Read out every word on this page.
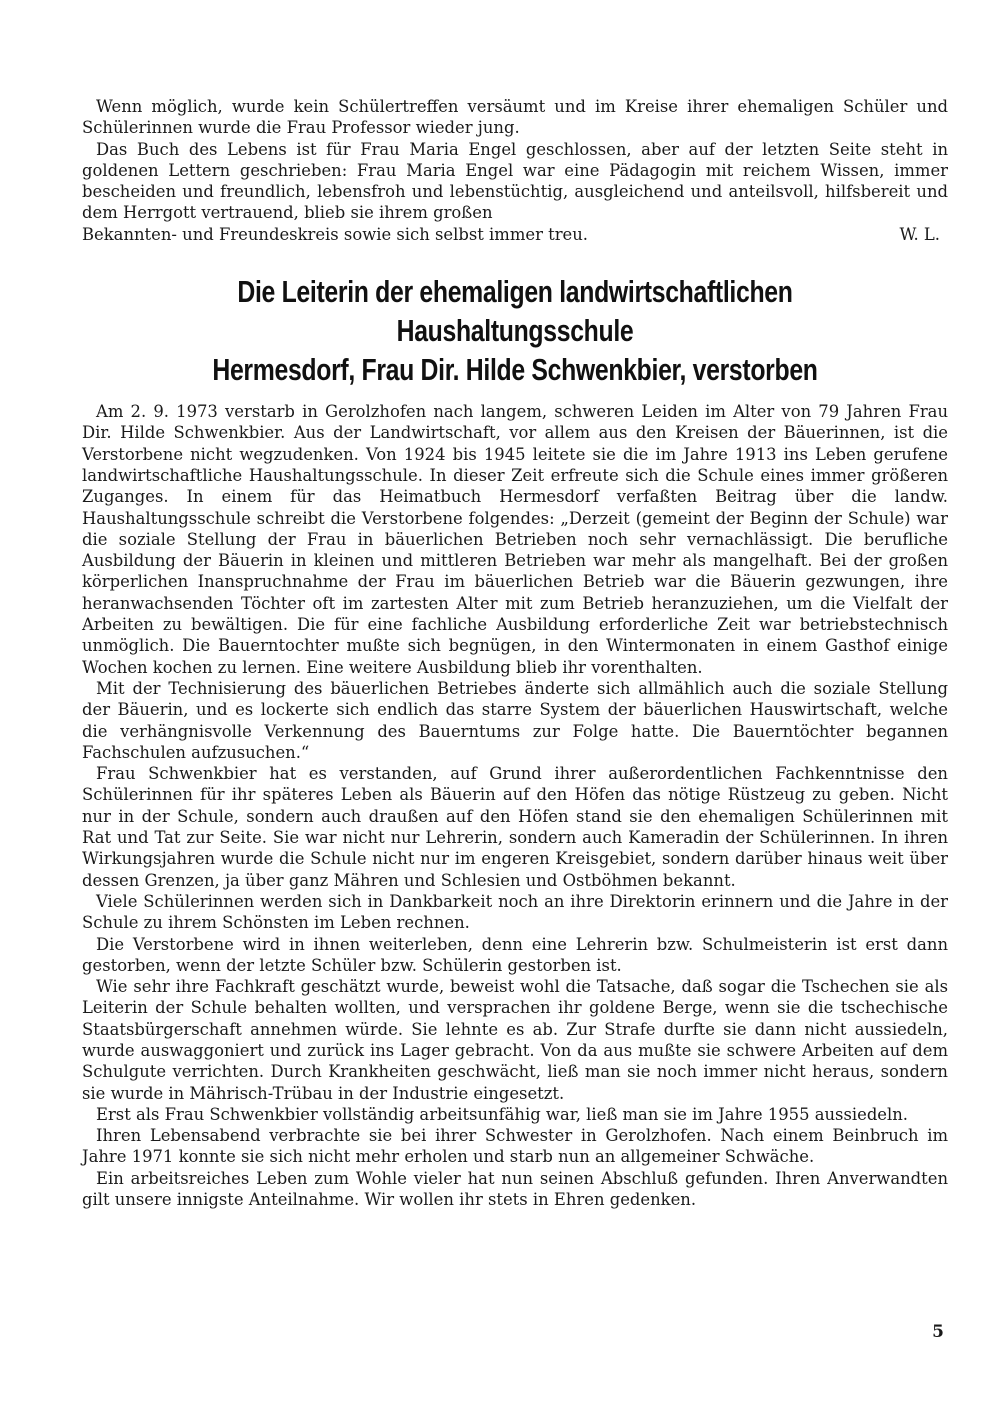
Wenn möglich, wurde kein Schülertreffen versäumt und im Kreise ihrer ehemaligen Schüler und Schülerinnen wurde die Frau Professor wieder jung.

Das Buch des Lebens ist für Frau Maria Engel geschlossen, aber auf der letzten Seite steht in goldenen Lettern geschrieben: Frau Maria Engel war eine Pädagogin mit reichem Wissen, immer bescheiden und freundlich, lebensfroh und lebenstüchtig, ausgleichend und anteilsvoll, hilfsbereit und dem Herrgott vertrauend, blieb sie ihrem großen

Bekannten- und Freundeskreis sowie sich selbst immer treu.	W. L.
Die Leiterin der ehemaligen landwirtschaftlichen Haushaltungsschule
Hermesdorf, Frau Dir. Hilde Schwenkbier, verstorben

Am 2. 9. 1973 verstarb in Gerolzhofen nach langem, schweren Leiden im Alter von 79 Jahren Frau Dir. Hilde Schwenkbier. Aus der Landwirtschaft, vor allem aus den Kreisen der Bäuerinnen, ist die Verstorbene nicht wegzudenken. Von 1924 bis 1945 leitete sie die im Jahre 1913 ins Leben gerufene landwirtschaftliche Haushaltungsschule. In dieser Zeit erfreute sich die Schule eines immer größeren Zuganges. In einem für das Heimatbuch Hermesdorf verfaßten Beitrag über die landw. Haushaltungsschule schreibt die Verstorbene folgendes: „Derzeit (gemeint der Beginn der Schule) war die soziale Stellung der Frau in bäuerlichen Betrieben noch sehr vernachlässigt. Die berufliche Ausbildung der Bäuerin in kleinen und mittleren Betrieben war mehr als mangelhaft. Bei der großen körperlichen Inanspruchnahme der Frau im bäuerlichen Betrieb war die Bäuerin gezwungen, ihre heranwachsenden Töchter oft im zartesten Alter mit zum Betrieb heranzuziehen, um die Vielfalt der Arbeiten zu bewältigen. Die für eine fachliche Ausbildung erforderliche Zeit war betriebstechnisch unmöglich. Die Bauerntochter mußte sich begnügen, in den Wintermonaten in einem Gasthof einige Wochen kochen zu lernen. Eine weitere Ausbildung blieb ihr vorenthalten.

Mit der Technisierung des bäuerlichen Betriebes änderte sich allmählich auch die soziale Stellung der Bäuerin, und es lockerte sich endlich das starre System der bäuerlichen Hauswirtschaft, welche die verhängnisvolle Verkennung des Bauerntums zur Folge hatte. Die Bauerntöchter begannen Fachschulen aufzusuchen.“

Frau Schwenkbier hat es verstanden, auf Grund ihrer außerordentlichen Fachkenntnisse den Schülerinnen für ihr späteres Leben als Bäuerin auf den Höfen das nötige Rüstzeug zu geben. Nicht nur in der Schule, sondern auch draußen auf den Höfen stand sie den ehemaligen Schülerinnen mit Rat und Tat zur Seite. Sie war nicht nur Lehrerin, sondern auch Kameradin der Schülerinnen. In ihren Wirkungsjahren wurde die Schule nicht nur im engeren Kreisgebiet, sondern darüber hinaus weit über dessen Grenzen, ja über ganz Mähren und Schlesien und Ostböhmen bekannt.

Viele Schülerinnen werden sich in Dankbarkeit noch an ihre Direktorin erinnern und die Jahre in der Schule zu ihrem Schönsten im Leben rechnen.

Die Verstorbene wird in ihnen weiterleben, denn eine Lehrerin bzw. Schulmeisterin ist erst dann gestorben, wenn der letzte Schüler bzw. Schülerin gestorben ist.

Wie sehr ihre Fachkraft geschätzt wurde, beweist wohl die Tatsache, daß sogar die Tschechen sie als Leiterin der Schule behalten wollten, und versprachen ihr goldene Berge, wenn sie die tschechische Staatsbürgerschaft annehmen würde. Sie lehnte es ab. Zur Strafe durfte sie dann nicht aussiedeln, wurde auswaggoniert und zurück ins Lager gebracht. Von da aus mußte sie schwere Arbeiten auf dem Schulgute verrichten. Durch Krankheiten geschwächt, ließ man sie noch immer nicht heraus, sondern sie wurde in Mährisch-Trübau in der Industrie eingesetzt.

Erst als Frau Schwenkbier vollständig arbeitsunfähig war, ließ man sie im Jahre 1955 aussiedeln.

Ihren Lebensabend verbrachte sie bei ihrer Schwester in Gerolzhofen. Nach einem Beinbruch im Jahre 1971 konnte sie sich nicht mehr erholen und starb nun an allgemeiner Schwäche.

Ein arbeitsreiches Leben zum Wohle vieler hat nun seinen Abschluß gefunden. Ihren Anverwandten gilt unsere innigste Anteilnahme. Wir wollen ihr stets in Ehren gedenken.

5
